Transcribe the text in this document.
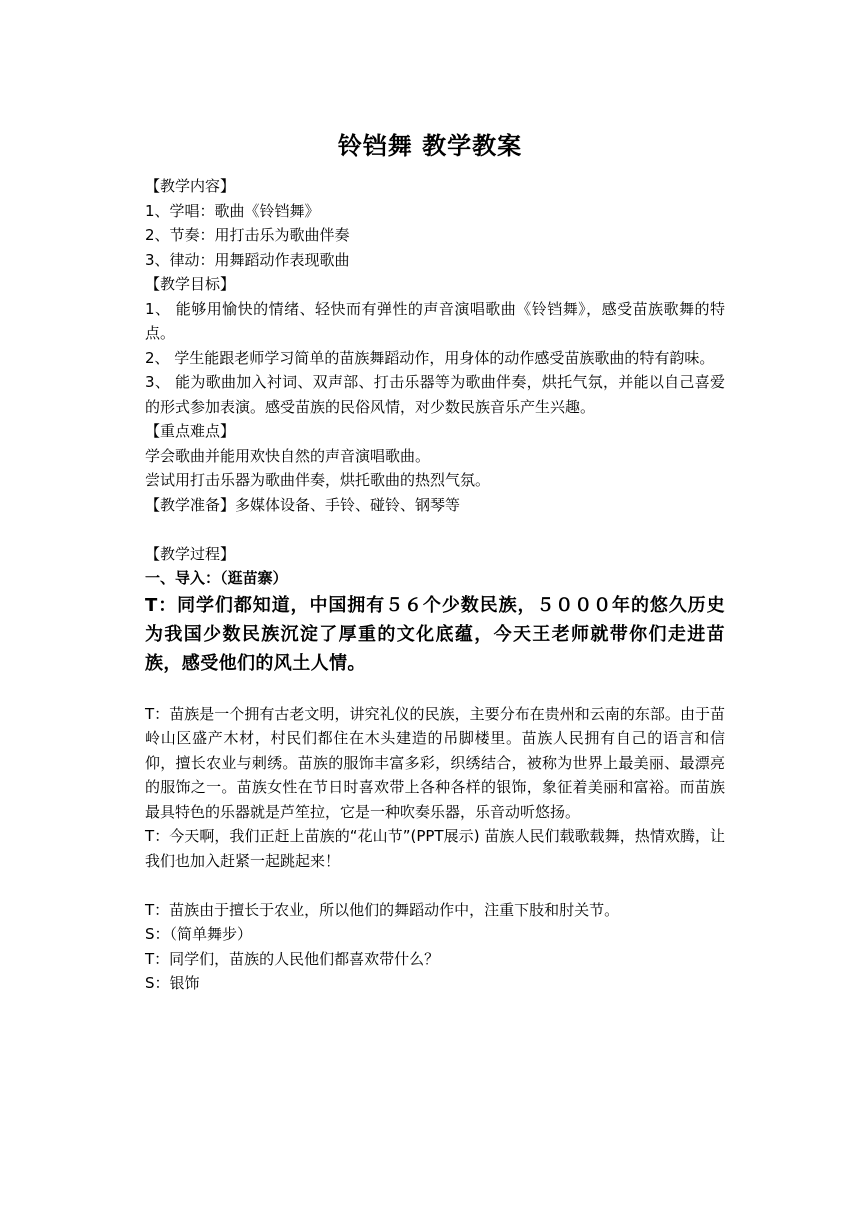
铃铛舞 教学教案
【教学内容】
1、学唱：歌曲《铃铛舞》
2、节奏：用打击乐为歌曲伴奏
3、律动：用舞蹈动作表现歌曲
【教学目标】
1、 能够用愉快的情绪、轻快而有弹性的声音演唱歌曲《铃铛舞》，感受苗族歌舞的特点。
2、 学生能跟老师学习简单的苗族舞蹈动作，用身体的动作感受苗族歌曲的特有韵味。
3、 能为歌曲加入衬词、双声部、打击乐器等为歌曲伴奏，烘托气氛，并能以自己喜爱的形式参加表演。感受苗族的民俗风情，对少数民族音乐产生兴趣。
【重点难点】
学会歌曲并能用欢快自然的声音演唱歌曲。
尝试用打击乐器为歌曲伴奏，烘托歌曲的热烈气氛。
【教学准备】多媒体设备、手铃、碰铃、钢琴等
【教学过程】
一、导入：（逛苗寨）
T：同学们都知道，中国拥有５６个少数民族，５０００年的悠久历史为我国少数民族沉淀了厚重的文化底蕴，今天王老师就带你们走进苗族，感受他们的风土人情。
T：苗族是一个拥有古老文明，讲究礼仪的民族，主要分布在贵州和云南的东部。由于苗岭山区盛产木材，村民们都住在木头建造的吊脚楼里。苗族人民拥有自己的语言和信仰，擅长农业与刺绣。苗族的服饰丰富多彩，织绣结合，被称为世界上最美丽、最漂亮的服饰之一。苗族女性在节日时喜欢带上各种各样的银饰，象征着美丽和富裕。而苗族最具特色的乐器就是芦笙拉，它是一种吹奏乐器，乐音动听悠扬。
T：今天啊，我们正赶上苗族的“花山节”(PPT展示) 苗族人民们载歌载舞，热情欢腾，让我们也加入赶紧一起跳起来！
T：苗族由于擅长于农业，所以他们的舞蹈动作中，注重下肢和肘关节。
S：（简单舞步）
T：同学们，苗族的人民他们都喜欢带什么？
S：银饰
